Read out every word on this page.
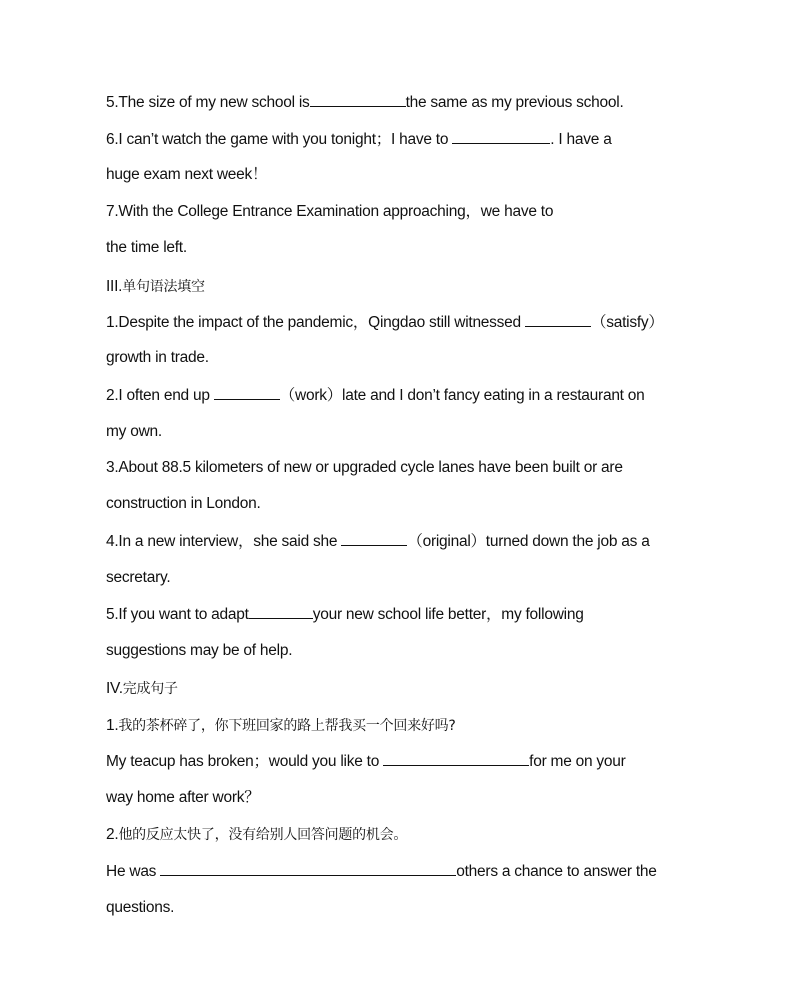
5.The size of my new school is	the same as my previous school.
6.I can’t watch the game with you tonight；I have to	. I have a
huge exam next week！
7.With the College Entrance Examination approaching，we have to
the time left.
III.单句语法填空
1.Despite the impact of the pandemic，Qingdao still witnessed	（satisfy）
growth in trade.
2.I often end up	（work）late and I don’t fancy eating in a restaurant on
my own.
3.About 88.5 kilometers of new or upgraded cycle lanes have been built or are
construction in London.
4.In a new interview，she said she	（original）turned down the job as a
secretary.
5.If you want to adapt	your new school life better，my following
suggestions may be of help.
IV.完成句子
1.我的茶杯碎了，你下班回家的路上帮我买一个回来好吗?
My teacup has broken；would you like to	for me on your
way home after work？
2.他的反应太快了，没有给别人回答问题的机会。
He was	others a chance to answer the
questions.
